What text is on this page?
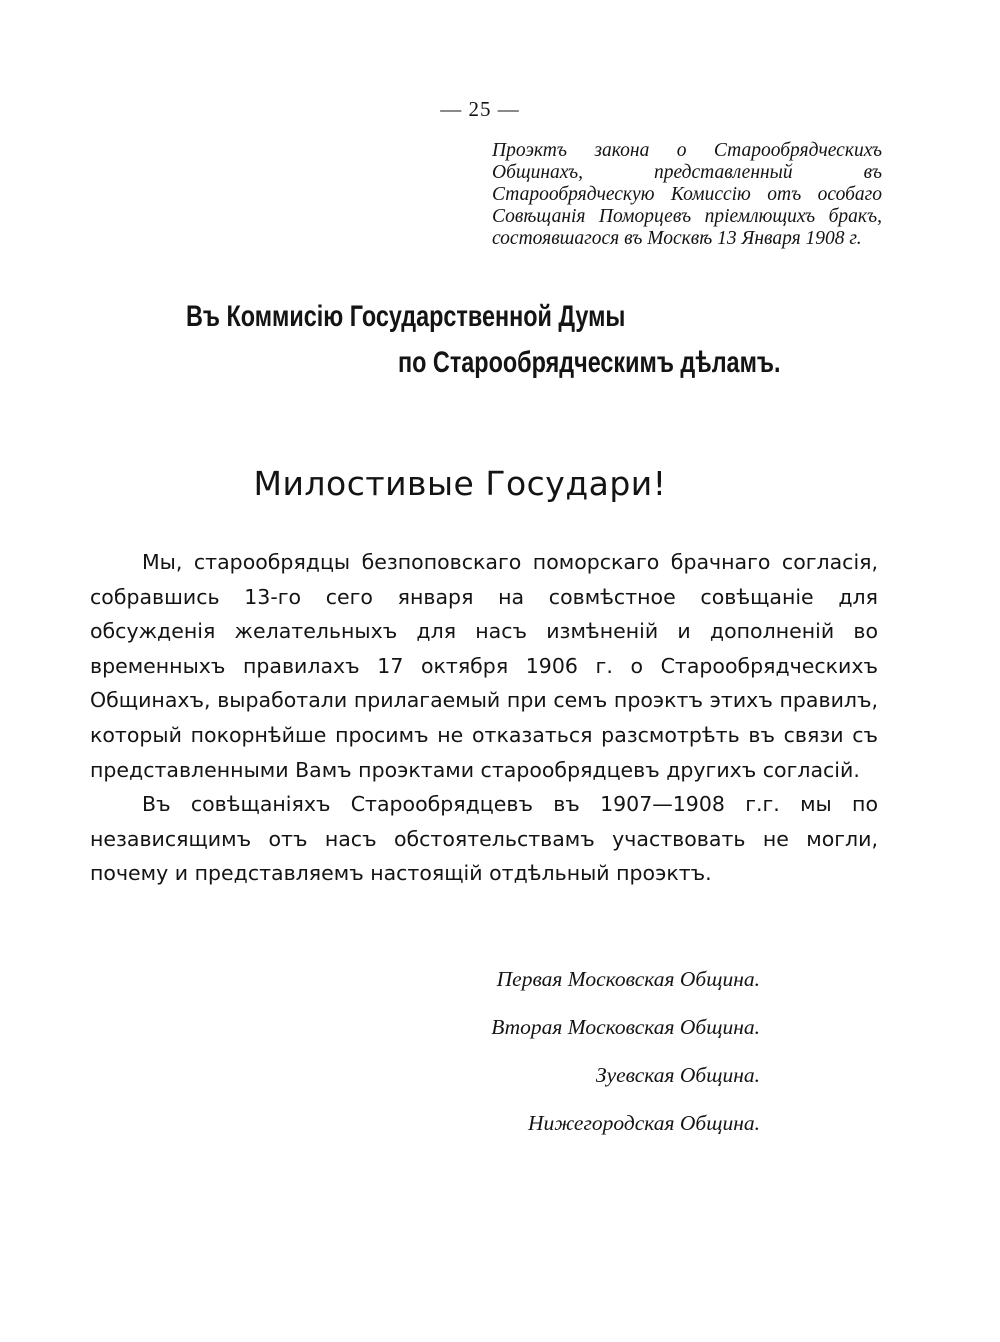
— 25 —
Проэктъ закона о Старообрядческихъ Общинахъ, представленный въ Старообрядческую Комиссію отъ особаго Совѣщанія Поморцевъ пріемлющихъ бракъ, состоявшагося въ Москвѣ 13 Января 1908 г.
Въ Коммисію Государственной Думы
по Старообрядческимъ дѣламъ.
Милостивые Государи!

Мы, старообрядцы безпоповскаго поморскаго брачнаго согласія, собравшись 13-го сего января на совмѣстное совѣщаніе для обсужденія желательныхъ для насъ измѣненій и дополненій во временныхъ правилахъ 17 октября 1906 г. о Старообрядческихъ Общинахъ, выработали прилагаемый при семъ проэктъ этихъ правилъ, который покорнѣйше просимъ не отказаться разсмотрѣть въ связи съ представленными Вамъ проэктами старообрядцевъ другихъ согласій.

Въ совѣщаніяхъ Старообрядцевъ въ 1907—1908 г.г. мы по независящимъ отъ насъ обстоятельствамъ участвовать не могли, почему и представляемъ настоящій отдѣльный проэктъ.

Первая Московская Община.
Вторая Московская Община.
Зуевская Община.
Нижегородская Община.
